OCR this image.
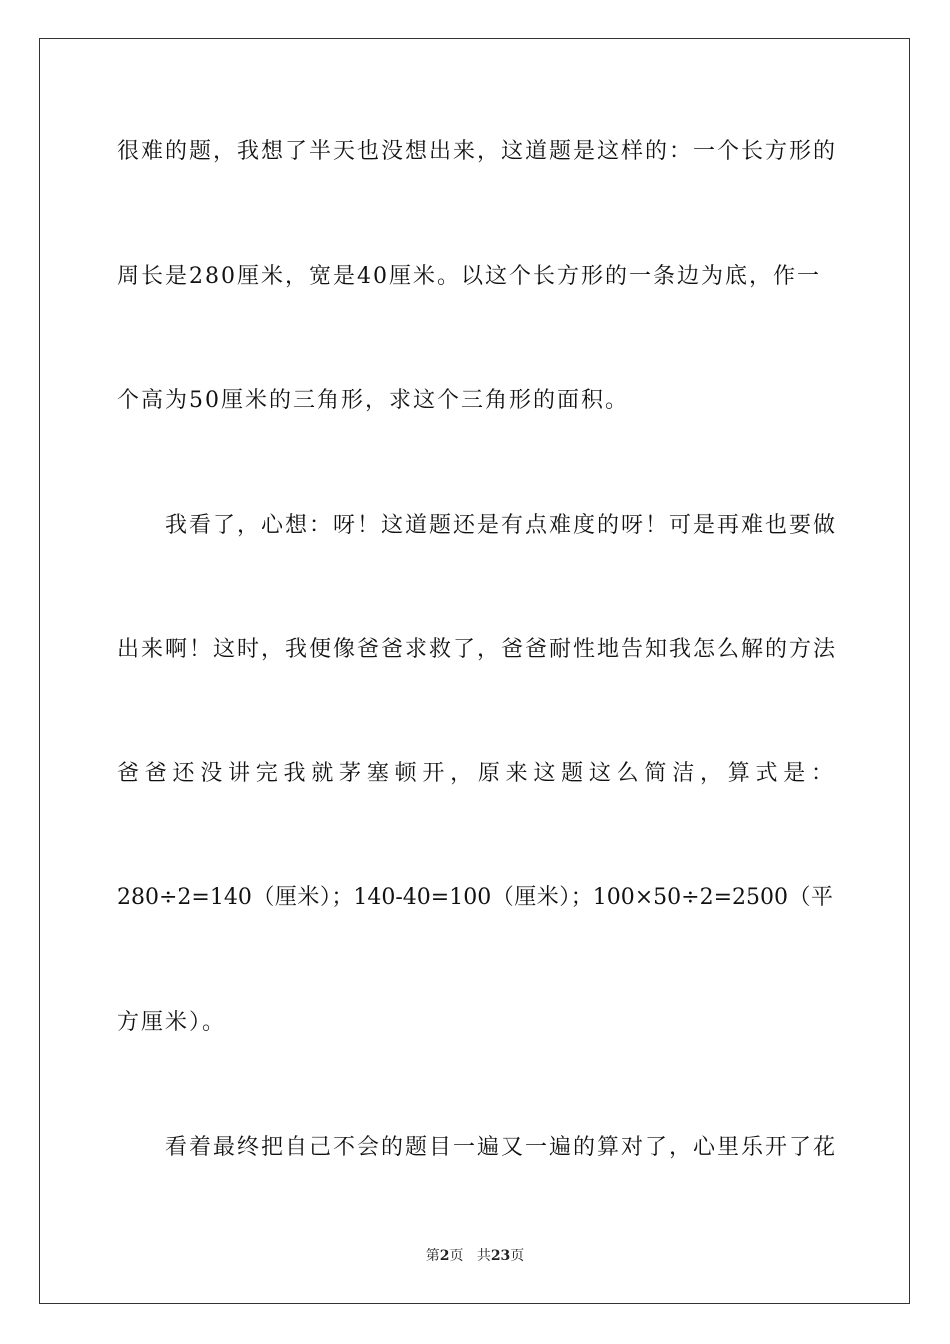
很难的题，我想了半天也没想出来，这道题是这样的：一个长方形的
周长是280厘米，宽是40厘米。以这个长方形的一条边为底，作一
个高为50厘米的三角形，求这个三角形的面积。
我看了，心想：呀！这道题还是有点难度的呀！可是再难也要做
出来啊！这时，我便像爸爸求救了，爸爸耐性地告知我怎么解的方法
爸爸还没讲完我就茅塞顿开，原来这题这么简洁，算式是：
280÷2=140（厘米）；140-40=100（厘米）；100×50÷2=2500（平
方厘米）。
看着最终把自己不会的题目一遍又一遍的算对了，心里乐开了花
第2页 共23页
